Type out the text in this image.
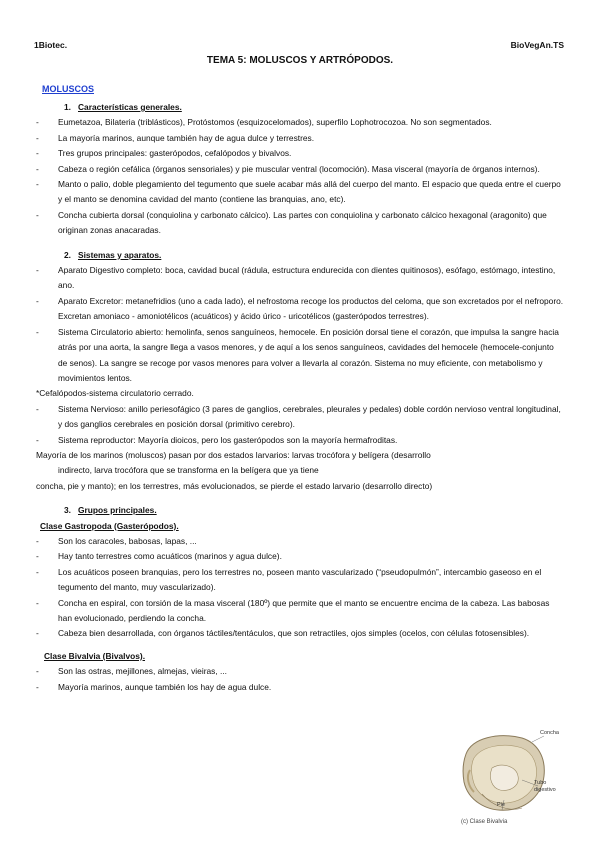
1Biotec.	BioVegAn.TS
TEMA 5: MOLUSCOS Y ARTRÓPODOS.
MOLUSCOS
1. Características generales.
- Eumetazoa, Bilateria (triblásticos), Protóstomos (esquizocelomados), superfilo Lophotrocozoa. No son segmentados.
- La mayoría marinos, aunque también hay de agua dulce y terrestres.
- Tres grupos principales: gasterópodos, cefalópodos y bivalvos.
- Cabeza o región cefálica (órganos sensoriales) y pie muscular ventral (locomoción). Masa visceral (mayoría de órganos internos).
- Manto o palio, doble plegamiento del tegumento que suele acabar más allá del cuerpo del manto. El espacio que queda entre el cuerpo y el manto se denomina cavidad del manto (contiene las branquias, ano, etc).
- Concha cubierta dorsal (conquiolina y carbonato cálcico). Las partes con conquiolina y carbonato cálcico hexagonal (aragonito) que originan zonas anacaradas.
2. Sistemas y aparatos.
- Aparato Digestivo completo: boca, cavidad bucal (rádula, estructura endurecida con dientes quitinosos), esófago, estómago, intestino, ano.
- Aparato Excretor: metanefridios (uno a cada lado), el nefrostoma recoge los productos del celoma, que son excretados por el nefroporo. Excretan amoniaco - amoniotélicos (acuáticos) y ácido úrico - uricotélicos (gasterópodos terrestres).
- Sistema Circulatorio abierto: hemolinfa, senos sanguíneos, hemocele. En posición dorsal tiene el corazón, que impulsa la sangre hacia atrás por una aorta, la sangre llega a vasos menores, y de aquí a los senos sanguíneos, cavidades del hemocele (hemocele-conjunto de senos). La sangre se recoge por vasos menores para volver a llevarla al corazón. Sistema no muy eficiente, con metabolismo y movimientos lentos.
*Cefalópodos-sistema circulatorio cerrado.
- Sistema Nervioso: anillo periesofágico (3 pares de ganglios, cerebrales, pleurales y pedales) doble cordón nervioso ventral longitudinal, y dos ganglios cerebrales en posición dorsal (primitivo cerebro).
- Sistema reproductor: Mayoría dioicos, pero los gasterópodos son la mayoría hermafroditas.
Mayoría de los marinos (moluscos) pasan por dos estados larvarios: larvas trocófora y belígera (desarrollo
indirecto, larva trocófora que se transforma en la belígera que ya tiene
concha, pie y manto); en los terrestres, más evolucionados, se pierde el estado larvario (desarrollo directo)
3. Grupos principales.
Clase Gastropoda (Gasterópodos).
- Son los caracoles, babosas, lapas, ...
- Hay tanto terrestres como acuáticos (marinos y agua dulce).
- Los acuáticos poseen branquias, pero los terrestres no, poseen manto vascularizado (“pseudopulmón”, intercambio gaseoso en el tegumento del manto, muy vascularizado).
- Concha en espiral, con torsión de la masa visceral (180º) que permite que el manto se encuentre encima de la cabeza. Las babosas han evolucionado, perdiendo la concha.
- Cabeza bien desarrollada, con órganos táctiles/tentáculos, que son retractiles, ojos simples (ocelos, con células fotosensibles).
Clase Bivalvia (Bivalvos).
- Son las ostras, mejillones, almejas, vieiras, ...
- Mayoría marinos, aunque también los hay de agua dulce.
Concha
Tubo digestivo
Pie
(c) Clase Bivalvia
